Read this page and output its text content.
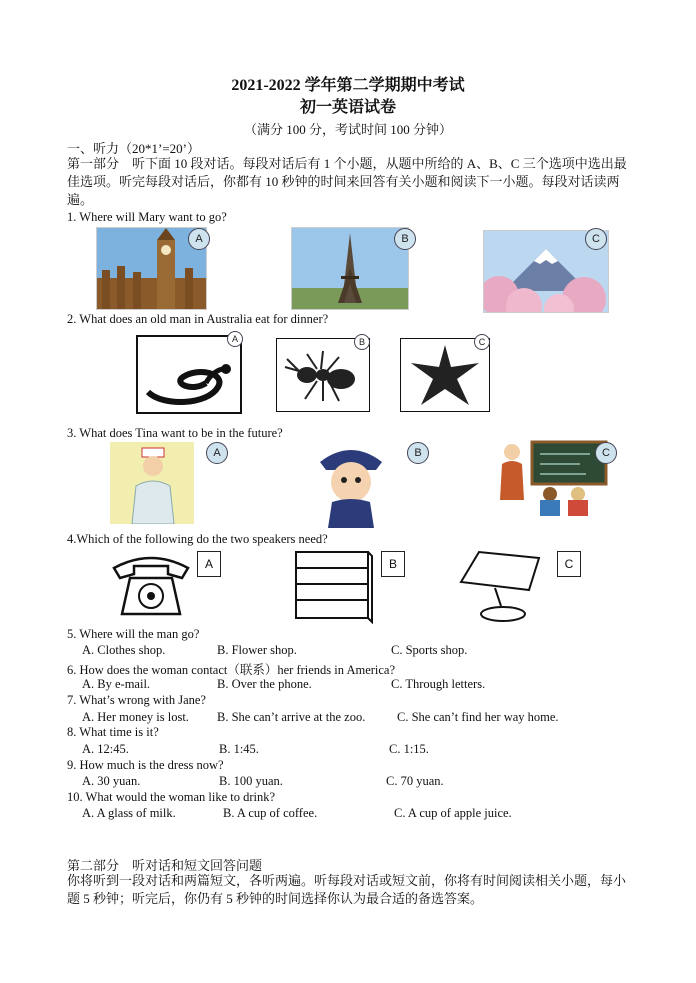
2021-2022 学年第二学期期中考试
初一英语试卷
（满分 100 分，考试时间 100 分钟）
一、听力（20*1’=20’）
第一部分　听下面 10 段对话。每段对话后有 1 个小题，从题中所给的 A、B、C 三个选项中选出最佳选项。听完每段对话后，你都有 10 秒钟的时间来回答有关小题和阅读下一小题。每段对话读两遍。
1. Where will Mary want to go?
A	B	C
2. What does an old man in Australia eat for dinner?
A	B	C
3. What does Tina want to be in the future?
A	B	C
4.Which of the following do the two speakers need?
A	B	C
5. Where will the man go?
A. Clothes shop.	B. Flower shop.	C. Sports shop.
6. How does the woman contact（联系）her friends in America?
A. By e-mail.	B. Over the phone.	C. Through letters.
7. What’s wrong with Jane?
A. Her money is lost. B. She can’t arrive at the zoo.	C. She can’t find her way home.
8. What time is it?
A. 12:45.	B. 1:45.	C. 1:15.
9. How much is the dress now?
A. 30 yuan.	B. 100 yuan.	C. 70 yuan.
10. What would the woman like to drink?
A. A glass of milk.	B. A cup of coffee.	C. A cup of apple juice.
第二部分　听对话和短文回答问题
你将听到一段对话和两篇短文，各听两遍。听每段对话或短文前，你将有时间阅读相关小题，每小题 5 秒钟；听完后，你仍有 5 秒钟的时间选择你认为最合适的备选答案。
